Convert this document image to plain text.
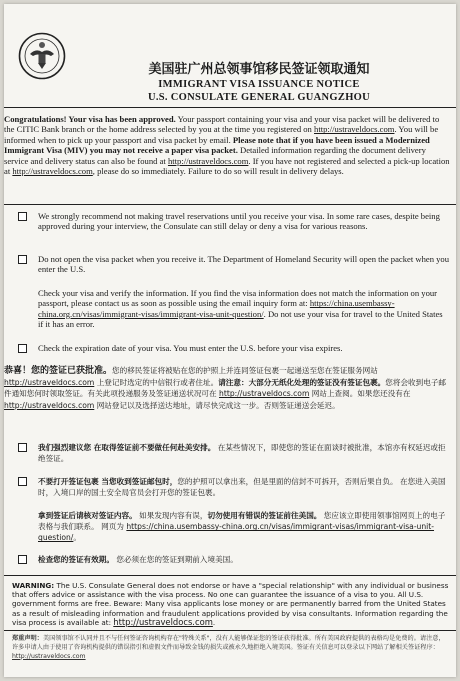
美国驻广州总领事馆移民签证领取通知
IMMIGRANT VISA ISSUANCE NOTICE
U.S. CONSULATE GENERAL GUANGZHOU
Congratulations! Your visa has been approved. Your passport containing your visa and your visa packet will be delivered to the CITIC Bank branch or the home address selected by you at the time you registered on http://ustraveldocs.com. You will be informed when to pick up your passport and visa packet by email. Please note that if you have been issued a Modernized Immigrant Visa (MIV) you may not receive a paper visa packet. Detailed information regarding the document delivery service and delivery status can also be found at http://ustraveldocs.com. If you have not registered and selected a pick-up location at http://ustraveldocs.com, please do so immediately. Failure to do so will result in delivery delays.
We strongly recommend not making travel reservations until you receive your visa. In some rare cases, despite being approved during your interview, the Consulate can still delay or deny a visa for various reasons.
Do not open the visa packet when you receive it. The Department of Homeland Security will open the packet when you enter the U.S.
Check your visa and verify the information. If you find the visa information does not match the information on your passport, please contact us as soon as possible using the email inquiry form at: https://china.usembassy-china.org.cn/visas/immigrant-visas/immigrant-visa-unit-question/. Do not use your visa for travel to the United States if it has an error.
Check the expiration date of your visa. You must enter the U.S. before your visa expires.
恭喜！您的签证已获批准。您的移民签证将被贴在您的护照上并连同签证包裹一起递送至您在签证服务网站 http://ustraveldocs.com 上登记时选定的中信银行或者住址。请注意：大部分无纸化处理的签证没有签证包裹。您将会收到电子邮件通知您何时领取签证。有关此项投递服务及签证递送状况可在 http://ustraveldocs.com 网站上查阅。如果您还没有在 http://ustraveldocs.com 网站登记以及选择送达地址，请尽快完成这一步。否则签证递送会延迟。
我们强烈建议您 在取得签证前不要做任何赴美安排。 在某些情况下，即使您的签证在面谈时被批准，本馆亦有权延迟或拒绝签证。
不要打开签证包裹 当您收到签证邮包时，您的护照可以拿出来，但是里面的信封不可拆开，否则后果自负。 在您进入美国时，入境口岸的国土安全局官员会打开您的签证包裹。
拿到签证后请核对签证内容。 如果发现内容有误，切勿使用有错误的签证前往美国。 您应该立即使用领事馆网页上的电子表格与我们联系。 网页为 https://china.usembassy-china.org.cn/visas/immigrant-visas/immigrant-visa-unit-question/。
检查您的签证有效期。 您必须在您的签证到期前入境美国。
WARNING: The U.S. Consulate General does not endorse or have a "special relationship" with any individual or business that offers advice or assistance with the visa process. No one can guarantee the issuance of a visa to you. All U.S. government forms are free. Beware: Many visa applicants lose money or are permanently barred from the United States as a result of misleading information and fraudulent applications provided by visa consultants. Information regarding the visa process is available at: http://ustraveldocs.com.
郑重声明：美国领事馆不认同并且不与任何签证咨询机构存在"特殊关系"，没有人能够保证您的签证获得批准。所有美国政府提供的表格均是免费的。请注意，许多申请人由于使用了咨询机构提供的错误指引和虚假文件而导致金钱的损失或被永久地拒绝入境美国。签证有关信息可以登录以下网站了解相关签证程序：http://ustraveldocs.com
